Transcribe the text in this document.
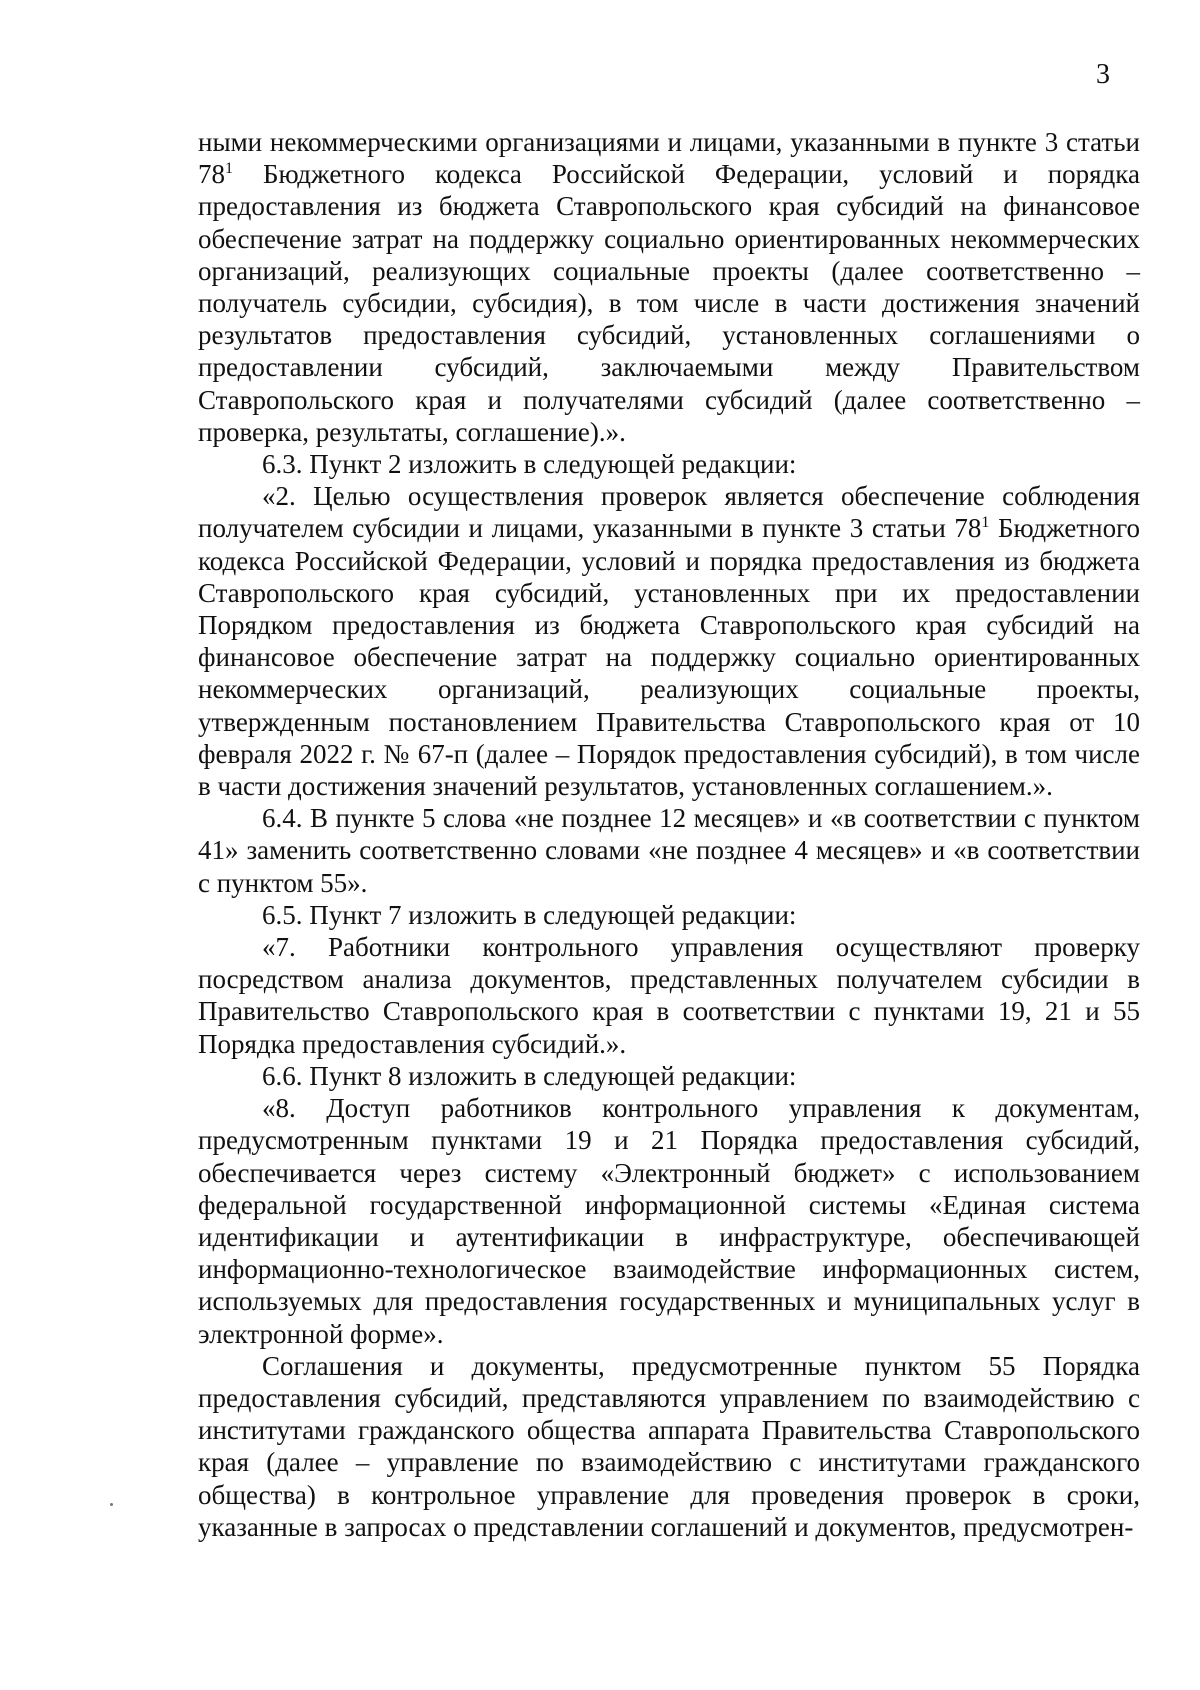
3

ными некоммерческими организациями и лицами, указанными в пункте 3 статьи $78^1$ Бюджетного кодекса Российской Федерации, условий и порядка предоставления из бюджета Ставропольского края субсидий на финансовое обеспечение затрат на поддержку социально ориентированных некоммерческих организаций, реализующих социальные проекты (далее соответственно – получатель субсидии, субсидия), в том числе в части достижения значений результатов предоставления субсидий, установленных соглашениями о предоставлении субсидий, заключаемыми между Правительством Ставропольского края и получателями субсидий (далее соответственно – проверка, результаты, соглашение).».

6.3. Пункт 2 изложить в следующей редакции:

«2. Целью осуществления проверок является обеспечение соблюдения получателем субсидии и лицами, указанными в пункте 3 статьи $78^1$ Бюджетного кодекса Российской Федерации, условий и порядка предоставления из бюджета Ставропольского края субсидий, установленных при их предоставлении Порядком предоставления из бюджета Ставропольского края субсидий на финансовое обеспечение затрат на поддержку социально ориентированных некоммерческих организаций, реализующих социальные проекты, утвержденным постановлением Правительства Ставропольского края от 10 февраля 2022 г. № 67-п (далее – Порядок предоставления субсидий), в том числе в части достижения значений результатов, установленных соглашением.».

6.4. В пункте 5 слова «не позднее 12 месяцев» и «в соответствии с пунктом 41» заменить соответственно словами «не позднее 4 месяцев» и «в соответствии с пунктом 55».

6.5. Пункт 7 изложить в следующей редакции:

«7. Работники контрольного управления осуществляют проверку посредством анализа документов, представленных получателем субсидии в Правительство Ставропольского края в соответствии с пунктами 19, 21 и 55 Порядка предоставления субсидий.».

6.6. Пункт 8 изложить в следующей редакции:

«8. Доступ работников контрольного управления к документам, предусмотренным пунктами 19 и 21 Порядка предоставления субсидий, обеспечивается через систему «Электронный бюджет» с использованием федеральной государственной информационной системы «Единая система идентификации и аутентификации в инфраструктуре, обеспечивающей информационно-технологическое взаимодействие информационных систем, используемых для предоставления государственных и муниципальных услуг в электронной форме».

Соглашения и документы, предусмотренные пунктом 55 Порядка предоставления субсидий, представляются управлением по взаимодействию с институтами гражданского общества аппарата Правительства Ставропольского края (далее – управление по взаимодействию с институтами гражданского общества) в контрольное управление для проведения проверок в сроки, указанные в запросах о представлении соглашений и документов, предусмотрен-
